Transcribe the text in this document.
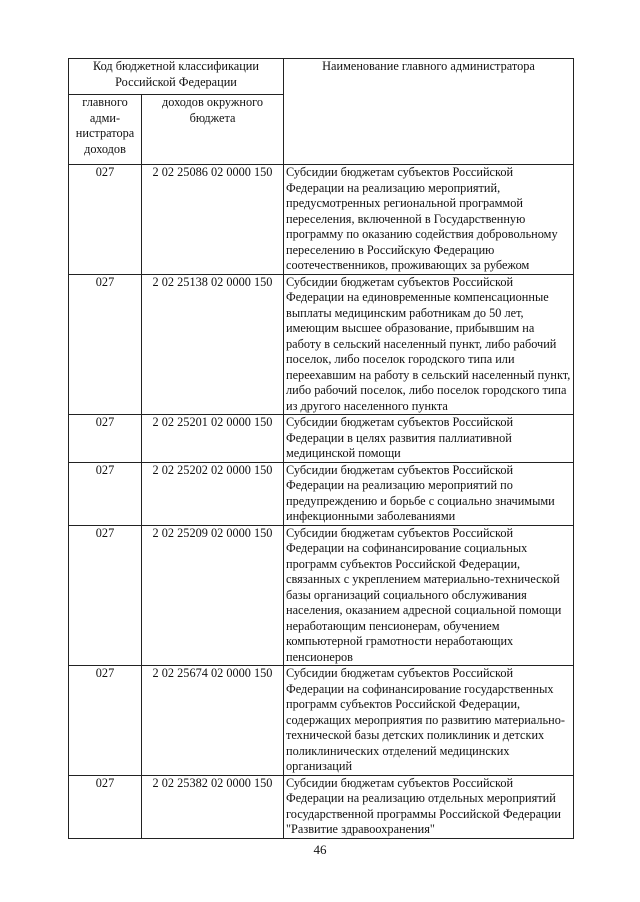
Код бюджетной классификации Российской Федерации		Наименование главного администратора
главного адми-нистратора доходов	доходов окружного бюджета	
027	2 02 25086 02 0000 150	Субсидии бюджетам субъектов Российской Федерации на реализацию мероприятий, предусмотренных региональной программой переселения, включенной в Государственную программу по оказанию содействия добровольному переселению в Российскую Федерацию соотечественников, проживающих за рубежом
027	2 02 25138 02 0000 150	Субсидии бюджетам субъектов Российской Федерации на единовременные компенсационные выплаты медицинским работникам до 50 лет, имеющим высшее образование, прибывшим на работу в сельский населенный пункт, либо рабочий поселок, либо поселок городского типа или переехавшим на работу в сельский населенный пункт, либо рабочий поселок, либо поселок городского типа из другого населенного пункта
027	2 02 25201 02 0000 150	Субсидии бюджетам субъектов Российской Федерации в целях развития паллиативной медицинской помощи
027	2 02 25202 02 0000 150	Субсидии бюджетам субъектов Российской Федерации на реализацию мероприятий по предупреждению и борьбе с социально значимыми инфекционными заболеваниями
027	2 02 25209 02 0000 150	Субсидии бюджетам субъектов Российской Федерации на софинансирование социальных программ субъектов Российской Федерации, связанных с укреплением материально-технической базы организаций социального обслуживания населения, оказанием адресной социальной помощи неработающим пенсионерам, обучением компьютерной грамотности неработающих пенсионеров
027	2 02 25674 02 0000 150	Субсидии бюджетам субъектов Российской Федерации на софинансирование государственных программ субъектов Российской Федерации, содержащих мероприятия по развитию материально-технической базы детских поликлиник и детских поликлинических отделений медицинских организаций
027	2 02 25382 02 0000 150	Субсидии бюджетам субъектов Российской Федерации на реализацию отдельных мероприятий государственной программы Российской Федерации "Развитие здравоохранения"
46
